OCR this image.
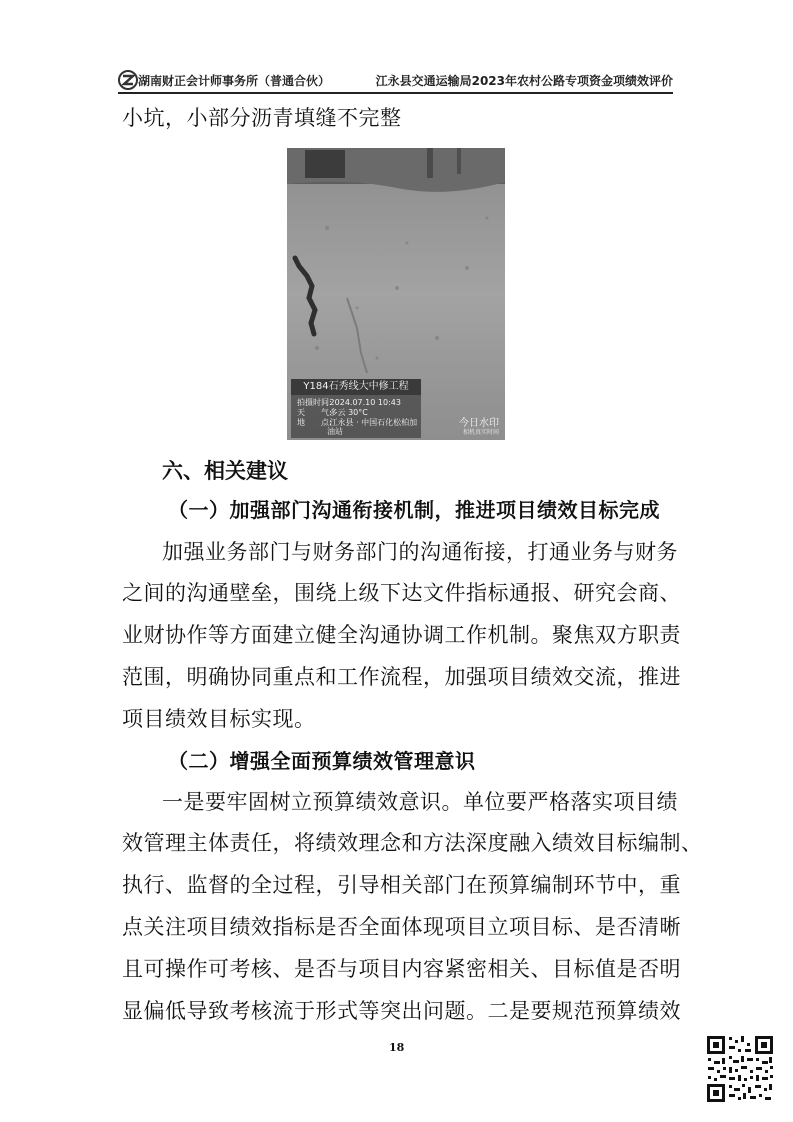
湖南财正会计师事务所（普通合伙）	江永县交通运输局2023年农村公路专项资金项绩效评价
小坑，小部分沥青填缝不完整
Y184石秀线大中修工程
拍摄时间: 2024.07.10 10:43
天　　气: 多云 30°C
地　　点: 江永县 · 中国石化松柏加
油站
今日水印
相机真实时间
六、相关建议
（一）加强部门沟通衔接机制，推进项目绩效目标完成
加强业务部门与财务部门的沟通衔接，打通业务与财务
之间的沟通壁垒，围绕上级下达文件指标通报、研究会商、
业财协作等方面建立健全沟通协调工作机制。聚焦双方职责
范围，明确协同重点和工作流程，加强项目绩效交流，推进
项目绩效目标实现。
（二）增强全面预算绩效管理意识
一是要牢固树立预算绩效意识。单位要严格落实项目绩
效管理主体责任，将绩效理念和方法深度融入绩效目标编制、
执行、监督的全过程，引导相关部门在预算编制环节中，重
点关注项目绩效指标是否全面体现项目立项目标、是否清晰
且可操作可考核、是否与项目内容紧密相关、目标值是否明
显偏低导致考核流于形式等突出问题。二是要规范预算绩效
18
